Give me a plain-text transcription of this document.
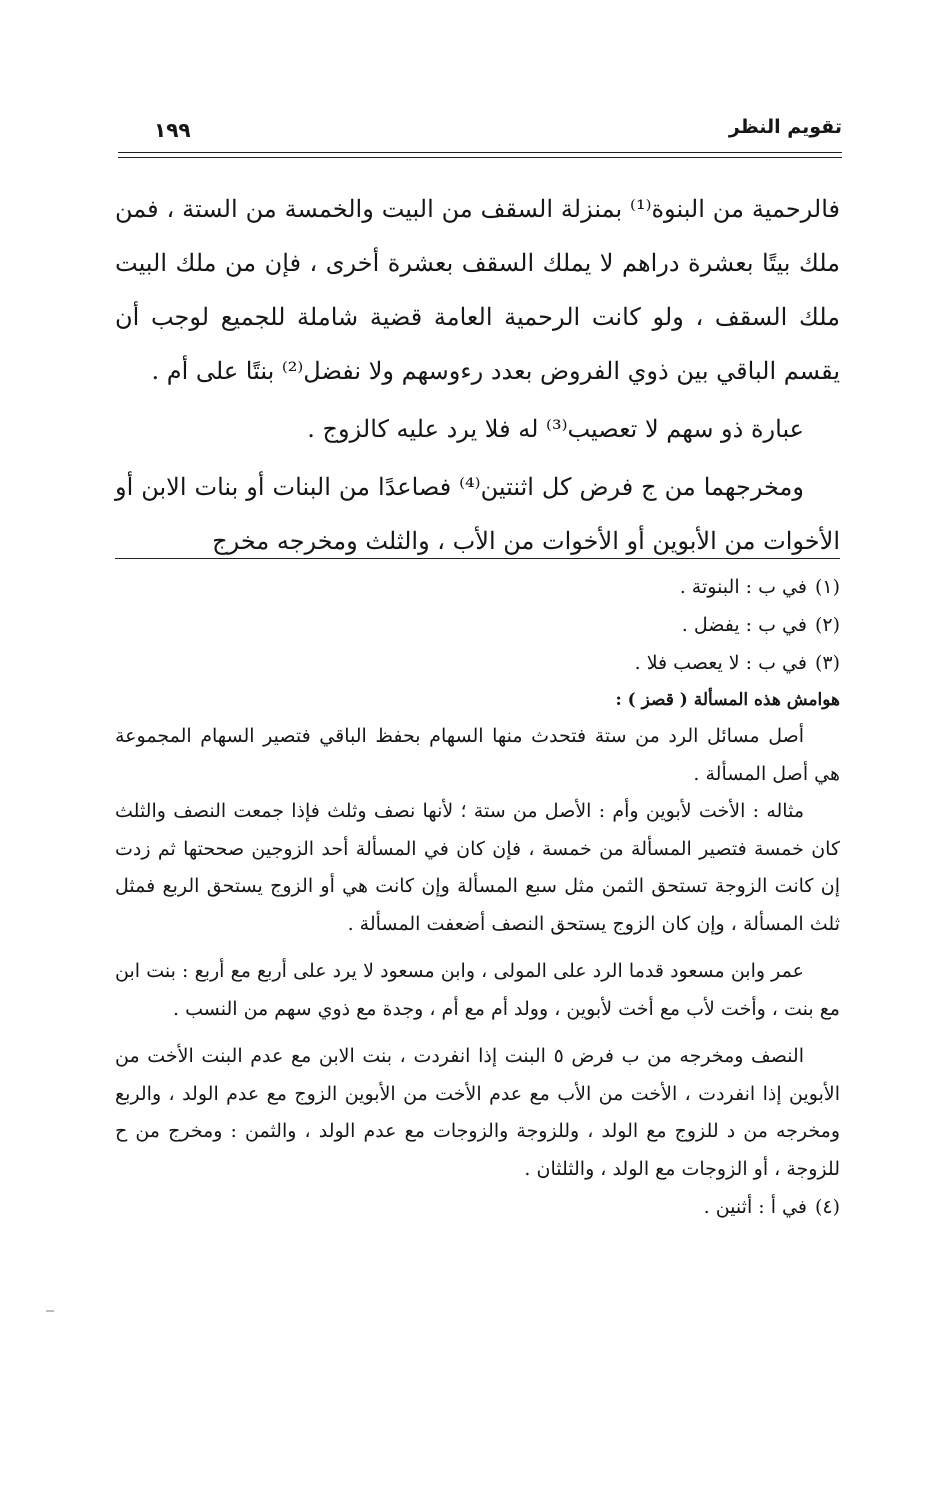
تقويم النظر
١٩٩

فالرحمية من البنوة⁽¹⁾ بمنزلة السقف من البيت والخمسة من الستة ، فمن ملك بيتًا بعشرة دراهم لا يملك السقف بعشرة أخرى ، فإن من ملك البيت ملك السقف ، ولو كانت الرحمية العامة قضية شاملة للجميع لوجب أن يقسم الباقي بين ذوي الفروض بعدد رءوسهم ولا نفضل⁽²⁾ بنتًا على أم .

عبارة ذو سهم لا تعصيب⁽³⁾ له فلا يرد عليه كالزوج .

ومخرجهما من ج فرض كل اثنتين⁽⁴⁾ فصاعدًا من البنات أو بنات الابن أو الأخوات من الأبوين أو الأخوات من الأب ، والثلث ومخرجه مخرج

(١)في ب : البنوتة .

(٢)في ب : يفضل .

(٣)في ب : لا يعصب فلا .

هوامش هذه المسألة ( قصز ) :

أصل مسائل الرد من ستة فتحدث منها السهام بحفظ الباقي فتصير السهام المجموعة هي أصل المسألة .

مثاله : الأخت لأبوين وأم : الأصل من ستة ؛ لأنها نصف وثلث فإذا جمعت النصف والثلث كان خمسة فتصير المسألة من خمسة ، فإن كان في المسألة أحد الزوجين صححتها ثم زدت إن كانت الزوجة تستحق الثمن مثل سبع المسألة وإن كانت هي أو الزوج يستحق الربع فمثل ثلث المسألة ، وإن كان الزوج يستحق النصف أضعفت المسألة .

عمر وابن مسعود قدما الرد على المولى ، وابن مسعود لا يرد على أربع مع أربع : بنت ابن مع بنت ، وأخت لأب مع أخت لأبوين ، وولد أم مع أم ، وجدة مع ذوي سهم من النسب .

النصف ومخرجه من ب فرض ٥ البنت إذا انفردت ، بنت الابن مع عدم البنت الأخت من الأبوين إذا انفردت ، الأخت من الأب مع عدم الأخت من الأبوين الزوج مع عدم الولد ، والربع ومخرجه من د للزوج مع الولد ، وللزوجة والزوجات مع عدم الولد ، والثمن : ومخرج من ح للزوجة ، أو الزوجات مع الولد ، والثلثان .

(٤)في أ : أثنين .
